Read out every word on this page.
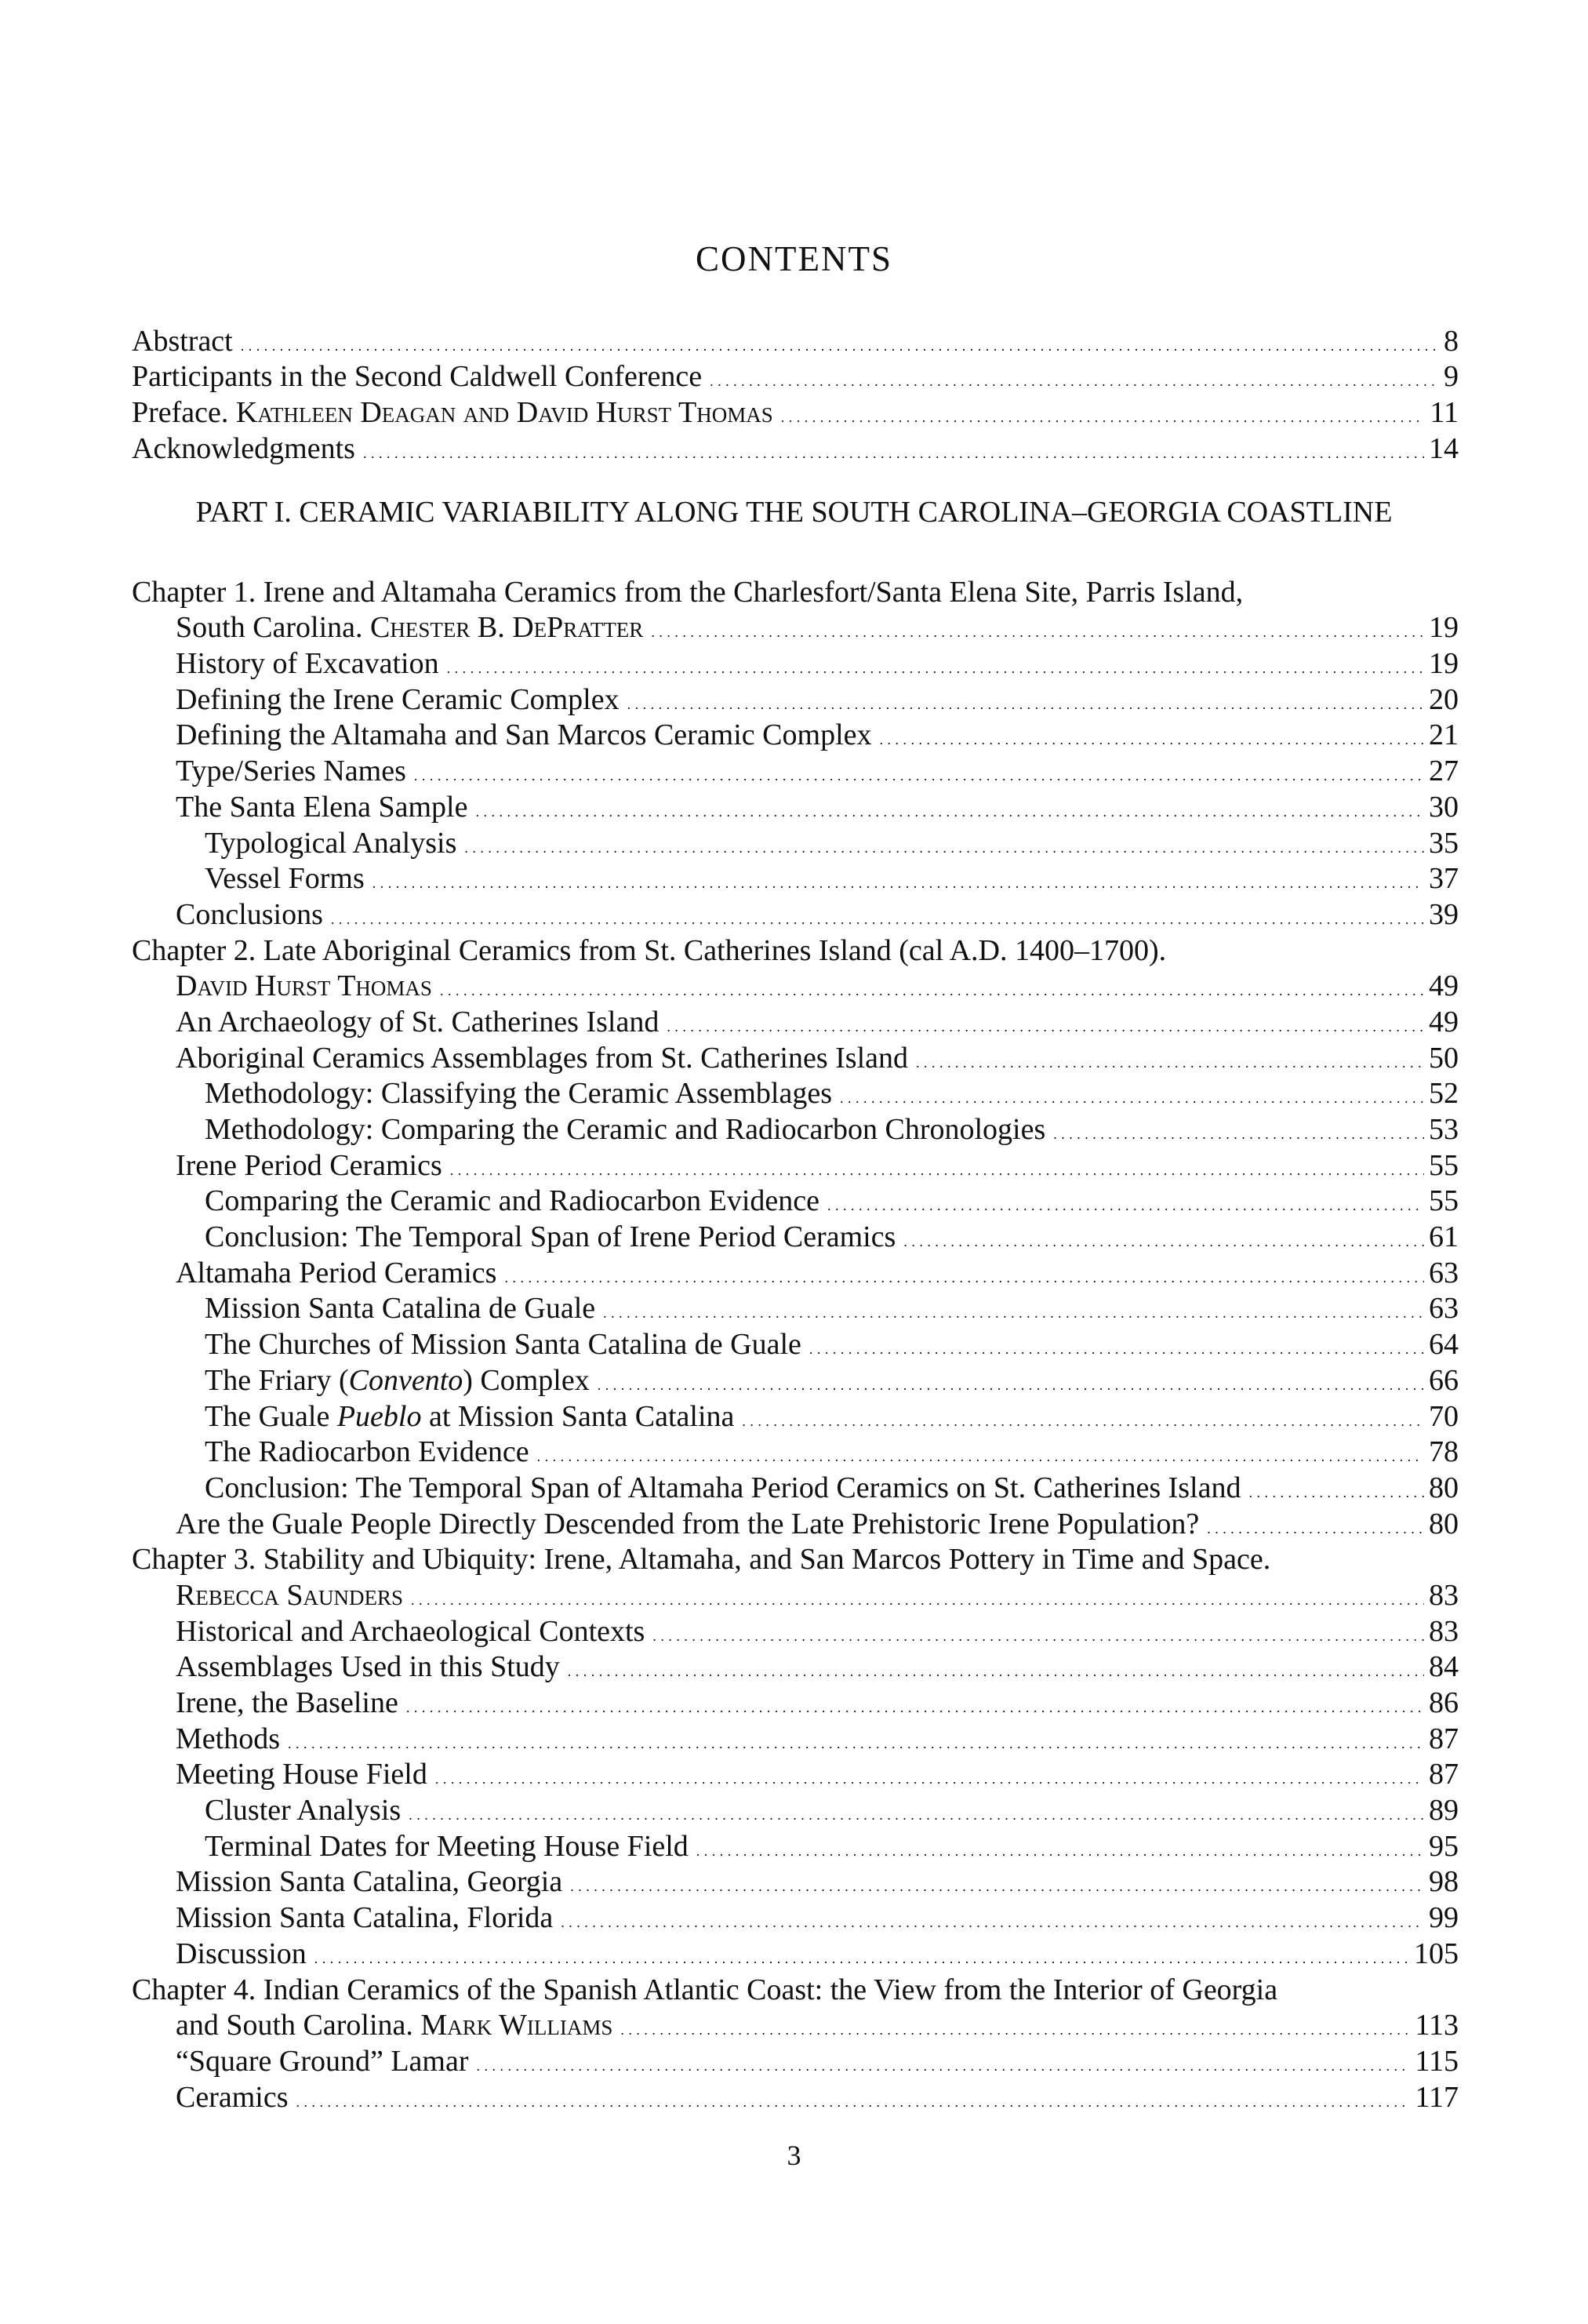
CONTENTS
Abstract . . .	8
Participants in the Second Caldwell Conference . . .	9
Preface. Kathleen Deagan and David Hurst Thomas . . .	11
Acknowledgments . . .	14
PART I. CERAMIC VARIABILITY ALONG THE SOUTH CAROLINA–GEORGIA COASTLINE
Chapter 1. Irene and Altamaha Ceramics from the Charlesfort/Santa Elena Site, Parris Island,
South Carolina. Chester B. DePratter . . .	19
History of Excavation . . .	19
Defining the Irene Ceramic Complex . . .	20
Defining the Altamaha and San Marcos Ceramic Complex . . .	21
Type/Series Names . . .	27
The Santa Elena Sample . . .	30
Typological Analysis . . .	35
Vessel Forms . . .	37
Conclusions . . .	39
Chapter 2. Late Aboriginal Ceramics from St. Catherines Island (cal A.D. 1400–1700).
David Hurst Thomas . . .	49
An Archaeology of St. Catherines Island . . .	49
Aboriginal Ceramics Assemblages from St. Catherines Island . . .	50
Methodology: Classifying the Ceramic Assemblages . . .	52
Methodology: Comparing the Ceramic and Radiocarbon Chronologies . . .	53
Irene Period Ceramics . . .	55
Comparing the Ceramic and Radiocarbon Evidence . . .	55
Conclusion: The Temporal Span of Irene Period Ceramics . . .	61
Altamaha Period Ceramics . . .	63
Mission Santa Catalina de Guale . . .	63
The Churches of Mission Santa Catalina de Guale . . .	64
The Friary (Convento) Complex . . .	66
The Guale Pueblo at Mission Santa Catalina . . .	70
The Radiocarbon Evidence . . .	78
Conclusion: The Temporal Span of Altamaha Period Ceramics on St. Catherines Island . . .	80
Are the Guale People Directly Descended from the Late Prehistoric Irene Population? . . .	80
Chapter 3. Stability and Ubiquity: Irene, Altamaha, and San Marcos Pottery in Time and Space.
Rebecca Saunders . . .	83
Historical and Archaeological Contexts . . .	83
Assemblages Used in this Study . . .	84
Irene, the Baseline . . .	86
Methods . . .	87
Meeting House Field . . .	87
Cluster Analysis . . .	89
Terminal Dates for Meeting House Field . . .	95
Mission Santa Catalina, Georgia . . .	98
Mission Santa Catalina, Florida . . .	99
Discussion . . .	105
Chapter 4. Indian Ceramics of the Spanish Atlantic Coast: the View from the Interior of Georgia
and South Carolina. Mark Williams . . .	113
“Square Ground” Lamar . . .	115
Ceramics . . .	117
3
